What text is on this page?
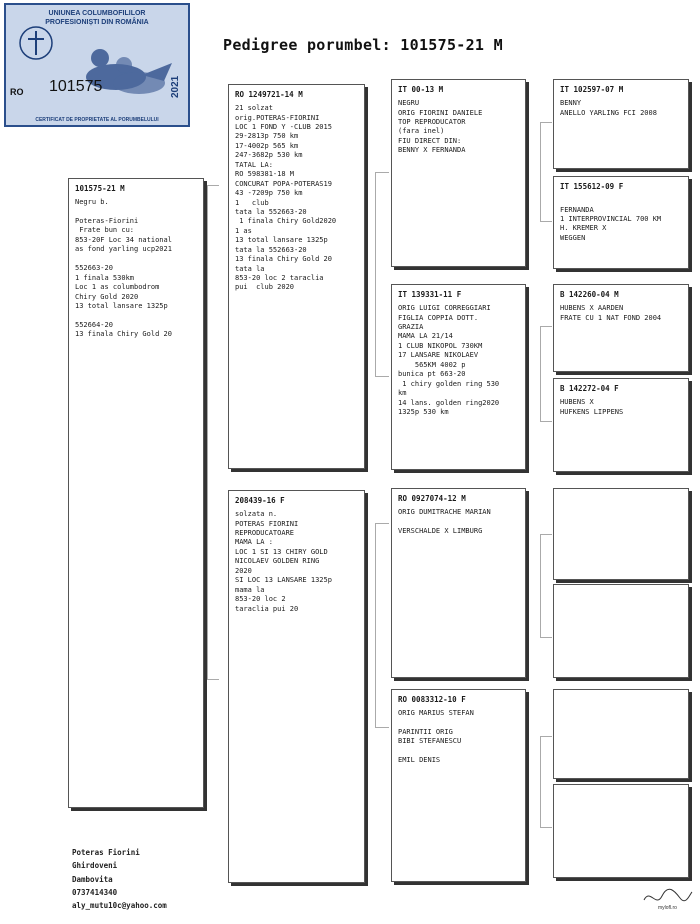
UNIUNEA COLUMBOFILILOR
PROFESIONIȘTI DIN ROMÂNIA
101575
RO	2021
CERTIFICAT DE PROPRIETATE AL PORUMBELULUI
Pedigree porumbel: 101575-21 M
101575-21 M
Negru b.

Poteras-Fiorini
Frate bun cu:
853-20F Loc 34 national
as fond yarling ucp2021

552663-20
1 finala 530km
Loc 1 as columbodrom
Chiry Gold 2020
13 total lansare 1325p

552664-20
13 finala Chiry Gold 20
RO 1249721-14 M
21 solzat
orig.POTERAS-FIORINI
LOC 1 FOND Y -CLUB 2015
29-2813p 750 km
17-4002p 565 km
247-3682p 530 km
TATAL LA:
RO 598381-18 M
CONCURAT POPA-POTERAS19
43 -7209p 750 km
1   club
tata la 552663-20
1 finala Chiry Gold2020
1 as
13 total lansare 1325p
tata la 552663-20
13 finala Chiry Gold 20
tata la
853-20 loc 2 taraclia
pui  club 2020
208439-16 F
solzata n.
POTERAS FIORINI
REPRODUCATOARE
MAMA LA :
LOC 1 SI 13 CHIRY GOLD
NICOLAEV GOLDEN RING
2020
SI LOC 13 LANSARE 1325p
mama la
853-20 loc 2
taraclia pui 20
IT 00-13 M
NEGRU
ORIG FIORINI DANIELE
TOP REPRODUCATOR
(fara inel)
FIU DIRECT DIN:
BENNY X FERNANDA
IT 139331-11 F
ORIG LUIGI CORREGGIARI
FIGLIA COPPIA DOTT.
GRAZIA
MAMA LA 21/14
1 CLUB NIKOPOL 730KM
17 LANSARE NIKOLAEV
565KM 4002 p
bunica pt 663-20
1 chiry golden ring 530
km
14 lans. golden ring2020
1325p 530 km
RO 0927074-12 M
ORIG DUMITRACHE MARIAN

VERSCHALDE X LIMBURG
RO 0083312-10 F
ORIG MARIUS STEFAN

PARINTII ORIG
BIBI STEFANESCU

EMIL DENIS
IT 102597-07 M
BENNY
ANELLO YARLING FCI 2008
IT 155612-09 F

FERNANDA
1 INTERPROVINCIAL 700 KM
H. KREMER X
WEGGEN
B 142260-04 M
HUBENS X AARDEN
FRATE CU 1 NAT FOND 2004
B 142272-04 F
HUBENS X
HUFKENS LIPPENS
Poteras Fiorini
Ghirdoveni
Dambovita
0737414340
aly_mutu10c@yahoo.com	mylofl.ro
